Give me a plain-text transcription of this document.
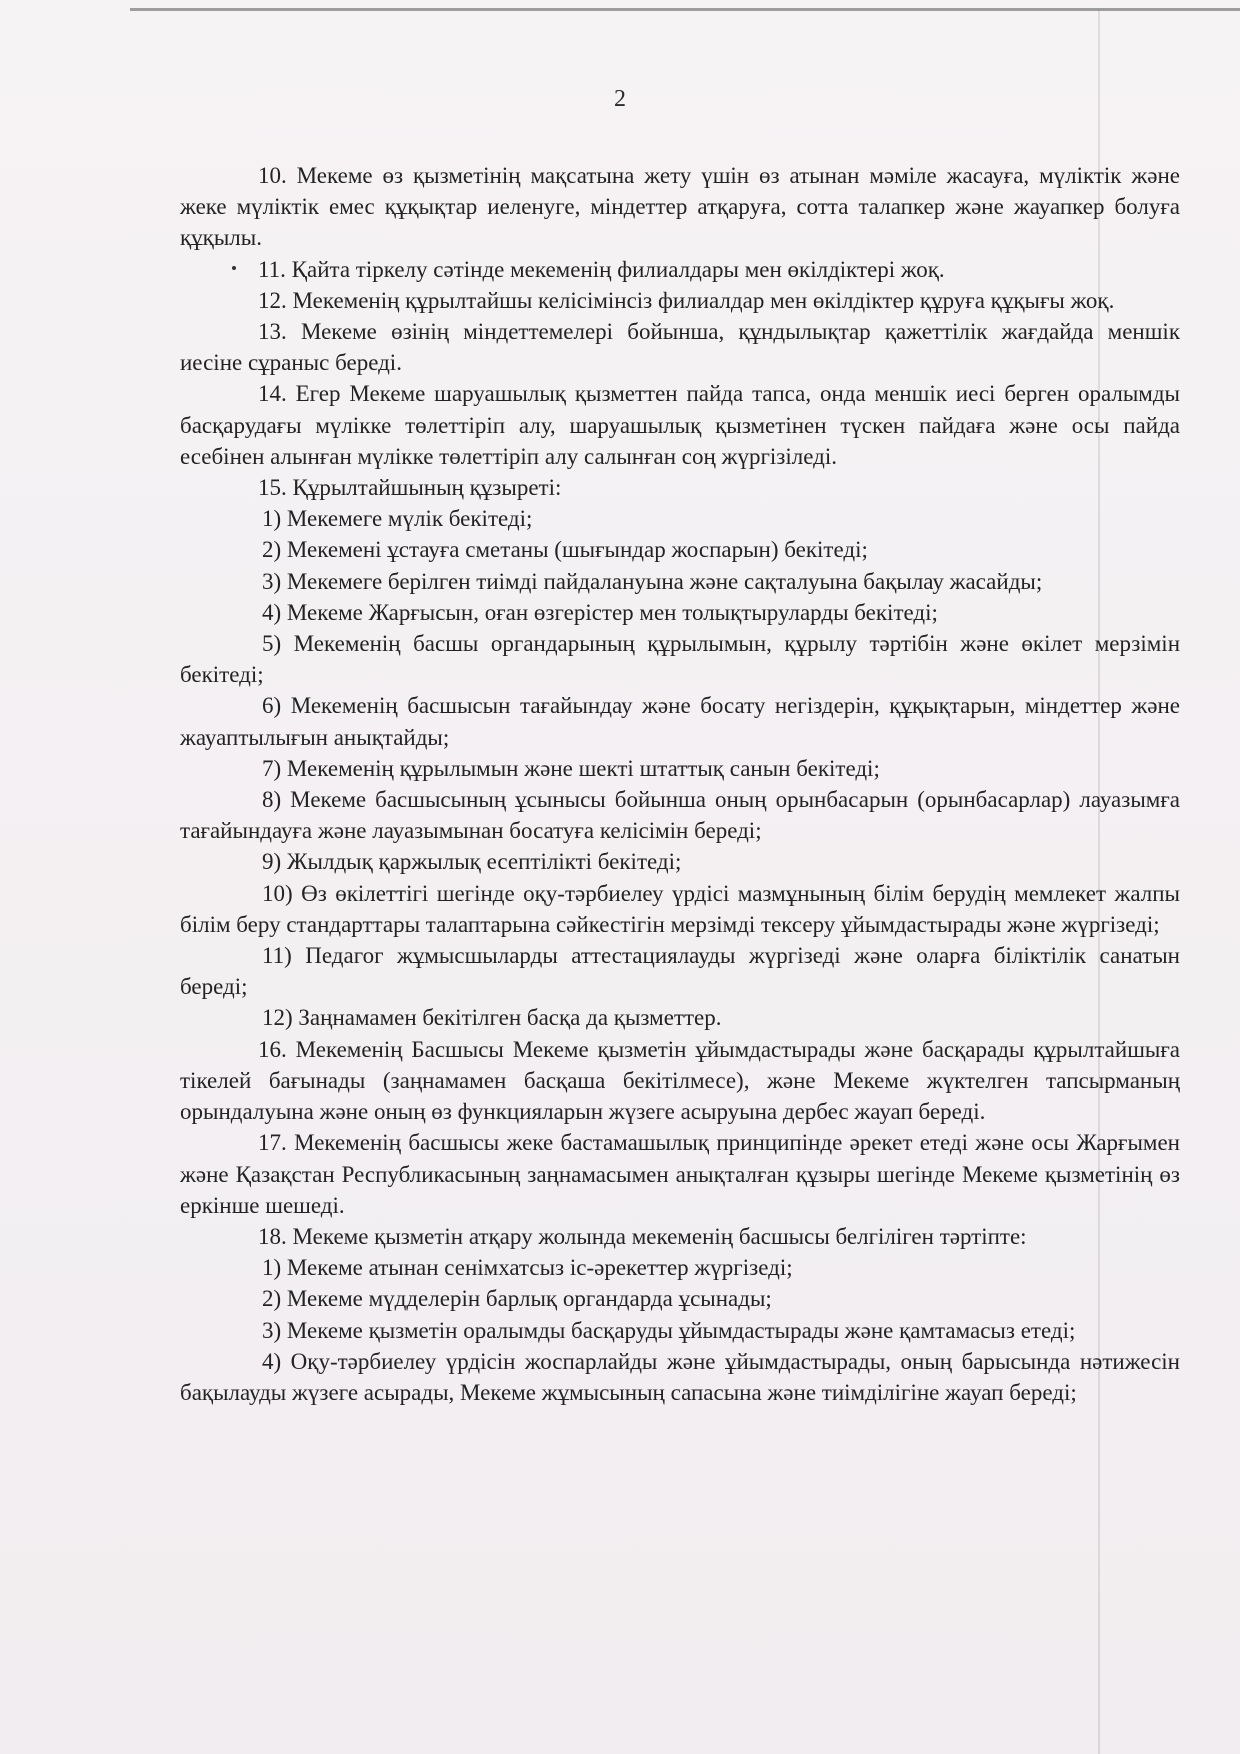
2

10. Мекеме өз қызметінің мақсатына жету үшін өз атынан мәміле жасауға, мүліктік және жеке мүліктік емес құқықтар иеленуге, міндеттер атқаруға, сотта талапкер және жауапкер болуға құқылы.

11. Қайта тіркелу сәтінде мекеменің филиалдары мен өкілдіктері жоқ.

12. Мекеменің құрылтайшы келісімінсіз филиалдар мен өкілдіктер құруға құқығы жоқ.

13. Мекеме өзінің міндеттемелері бойынша, құндылықтар қажеттілік жағдайда меншік иесіне сұраныс береді.

14. Егер Мекеме шаруашылық қызметтен пайда тапса, онда меншік иесі берген оралымды басқарудағы мүлікке төлеттіріп алу, шаруашылық қызметінен түскен пайдаға және осы пайда есебінен алынған мүлікке төлеттіріп алу салынған соң жүргізіледі.

15. Құрылтайшының құзыреті:

1) Мекемеге мүлік бекітеді;

2) Мекемені ұстауға сметаны (шығындар жоспарын) бекітеді;

3) Мекемеге берілген тиімді пайдалануына және сақталуына бақылау жасайды;

4) Мекеме Жарғысын, оған өзгерістер мен толықтыруларды бекітеді;

5) Мекеменің басшы органдарының құрылымын, құрылу тәртібін және өкілет мерзімін бекітеді;

6) Мекеменің басшысын тағайындау және босату негіздерін, құқықтарын, міндеттер және жауаптылығын анықтайды;

7) Мекеменің құрылымын және шекті штаттық санын бекітеді;

8) Мекеме басшысының ұсынысы бойынша оның орынбасарын (орынбасарлар) лауазымға тағайындауға және лауазымынан босатуға келісімін береді;

9) Жылдық қаржылық есептілікті бекітеді;

10) Өз өкілеттігі шегінде оқу-тәрбиелеу үрдісі мазмұнының білім берудің мемлекет жалпы білім беру стандарттары талаптарына сәйкестігін мерзімді тексеру ұйымдастырады және жүргізеді;

11) Педагог жұмысшыларды аттестациялауды жүргізеді және оларға біліктілік санатын береді;

12) Заңнамамен бекітілген басқа да қызметтер.

16. Мекеменің Басшысы Мекеме қызметін ұйымдастырады және басқарады құрылтайшыға тікелей бағынады (заңнамамен басқаша бекітілмесе), және Мекеме жүктелген тапсырманың орындалуына және оның өз функцияларын жүзеге асыруына дербес жауап береді.

17. Мекеменің басшысы жеке бастамашылық принципінде әрекет етеді және осы Жарғымен және Қазақстан Республикасының заңнамасымен анықталған құзыры шегінде Мекеме қызметінің өз еркінше шешеді.

18. Мекеме қызметін атқару жолында мекеменің басшысы белгіліген тәртіпте:

1) Мекеме атынан сенімхатсыз іс-әрекеттер жүргізеді;

2) Мекеме мүдделерін барлық органдарда ұсынады;

3) Мекеме қызметін оралымды басқаруды ұйымдастырады және қамтамасыз етеді;

4) Оқу-тәрбиелеу үрдісін жоспарлайды және ұйымдастырады, оның барысында нәтижесін бақылауды жүзеге асырады, Мекеме жұмысының сапасына және тиімділігіне жауап береді;
